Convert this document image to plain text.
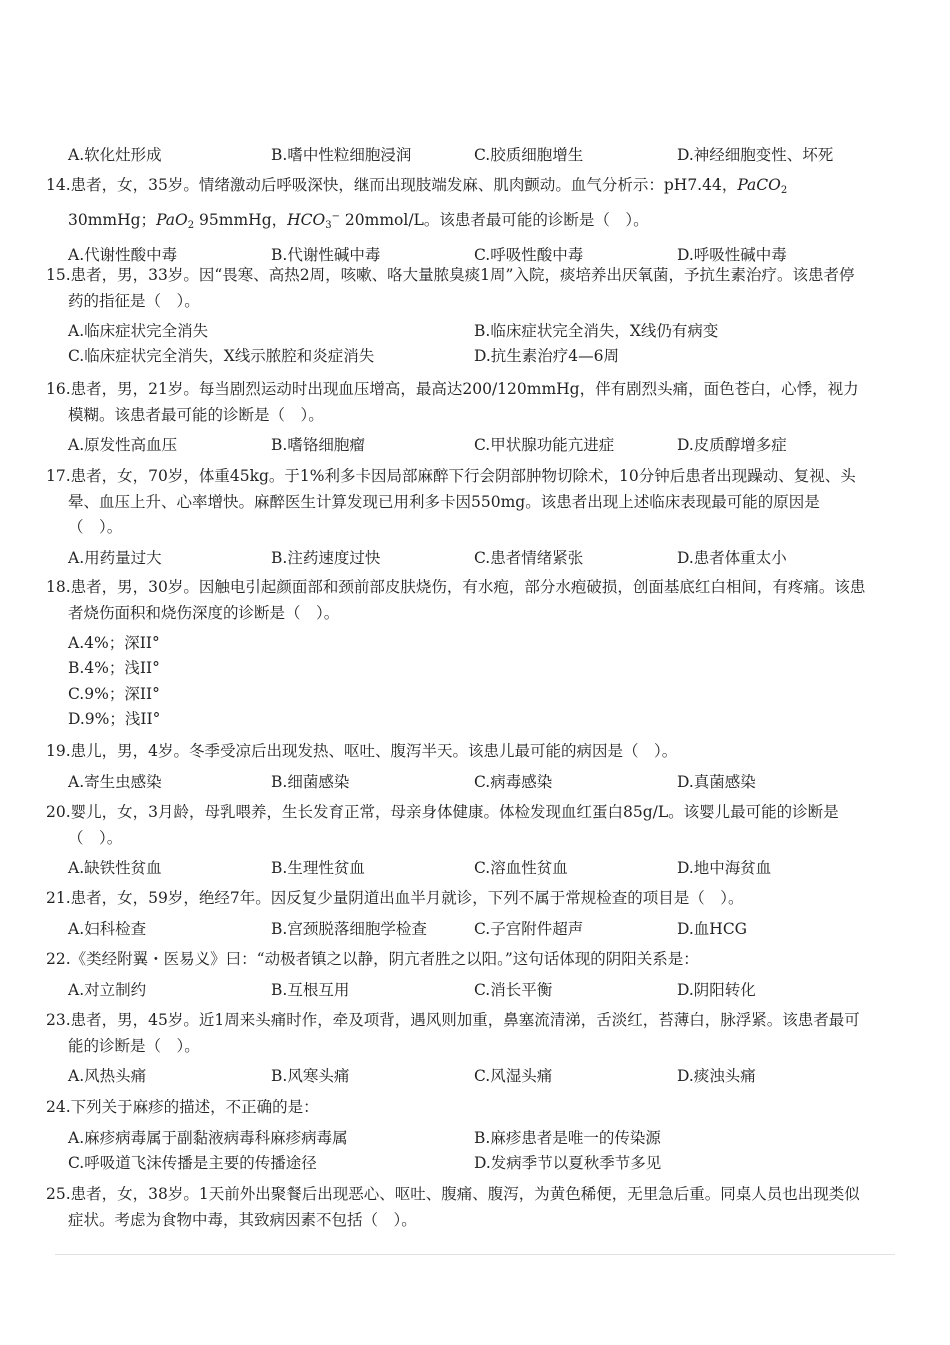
A.软化灶形成	B.嗜中性粒细胞浸润	C.胶质细胞增生	D.神经细胞变性、坏死
14.患者，女，35岁。情绪激动后呼吸深快，继而出现肢端发麻、肌肉颤动。血气分析示：pH7.44，PaCO$_2$ 30mmHg；PaO$_2$ 95mmHg，$HCO_3^-$ 20mmol/L。该患者最可能的诊断是（　）。
A.代谢性酸中毒	B.代谢性碱中毒	C.呼吸性酸中毒	D.呼吸性碱中毒
15.患者，男，33岁。因“畏寒、高热2周，咳嗽、咯大量脓臭痰1周”入院，痰培养出厌氧菌，予抗生素治疗。该患者停药的指征是（　）。
A.临床症状完全消失	B.临床症状完全消失，X线仍有病变
C.临床症状完全消失，X线示脓腔和炎症消失	D.抗生素治疗4—6周
16.患者，男，21岁。每当剧烈运动时出现血压增高，最高达200/120mmHg，伴有剧烈头痛，面色苍白，心悸，视力模糊。该患者最可能的诊断是（　）。
A.原发性高血压	B.嗜铬细胞瘤	C.甲状腺功能亢进症	D.皮质醇增多症
17.患者，女，70岁，体重45kg。于1%利多卡因局部麻醉下行会阴部肿物切除术，10分钟后患者出现躁动、复视、头晕、血压上升、心率增快。麻醉医生计算发现已用利多卡因550mg。该患者出现上述临床表现最可能的原因是（　）。
A.用药量过大	B.注药速度过快	C.患者情绪紧张	D.患者体重太小
18.患者，男，30岁。因触电引起颜面部和颈前部皮肤烧伤，有水疱，部分水疱破损，创面基底红白相间，有疼痛。该患者烧伤面积和烧伤深度的诊断是（　）。
A.4%；深II°
B.4%；浅II°
C.9%；深II°
D.9%；浅II°
19.患儿，男，4岁。冬季受凉后出现发热、呕吐、腹泻半天。该患儿最可能的病因是（　）。
A.寄生虫感染	B.细菌感染	C.病毒感染	D.真菌感染
20.婴儿，女，3月龄，母乳喂养，生长发育正常，母亲身体健康。体检发现血红蛋白85g/L。该婴儿最可能的诊断是（　）。
A.缺铁性贫血	B.生理性贫血	C.溶血性贫血	D.地中海贫血
21.患者，女，59岁，绝经7年。因反复少量阴道出血半月就诊，下列不属于常规检查的项目是（　）。
A.妇科检查	B.宫颈脱落细胞学检查	C.子宫附件超声	D.血HCG
22.《类经附翼・医易义》曰：“动极者镇之以静，阴亢者胜之以阳。”这句话体现的阴阳关系是：
A.对立制约	B.互根互用	C.消长平衡	D.阴阳转化
23.患者，男，45岁。近1周来头痛时作，牵及项背，遇风则加重，鼻塞流清涕，舌淡红，苔薄白，脉浮紧。该患者最可能的诊断是（　）。
A.风热头痛	B.风寒头痛	C.风湿头痛	D.痰浊头痛
24.下列关于麻疹的描述，不正确的是：
A.麻疹病毒属于副黏液病毒科麻疹病毒属	B.麻疹患者是唯一的传染源
C.呼吸道飞沫传播是主要的传播途径	D.发病季节以夏秋季节多见
25.患者，女，38岁。1天前外出聚餐后出现恶心、呕吐、腹痛、腹泻，为黄色稀便，无里急后重。同桌人员也出现类似症状。考虑为食物中毒，其致病因素不包括（　）。
